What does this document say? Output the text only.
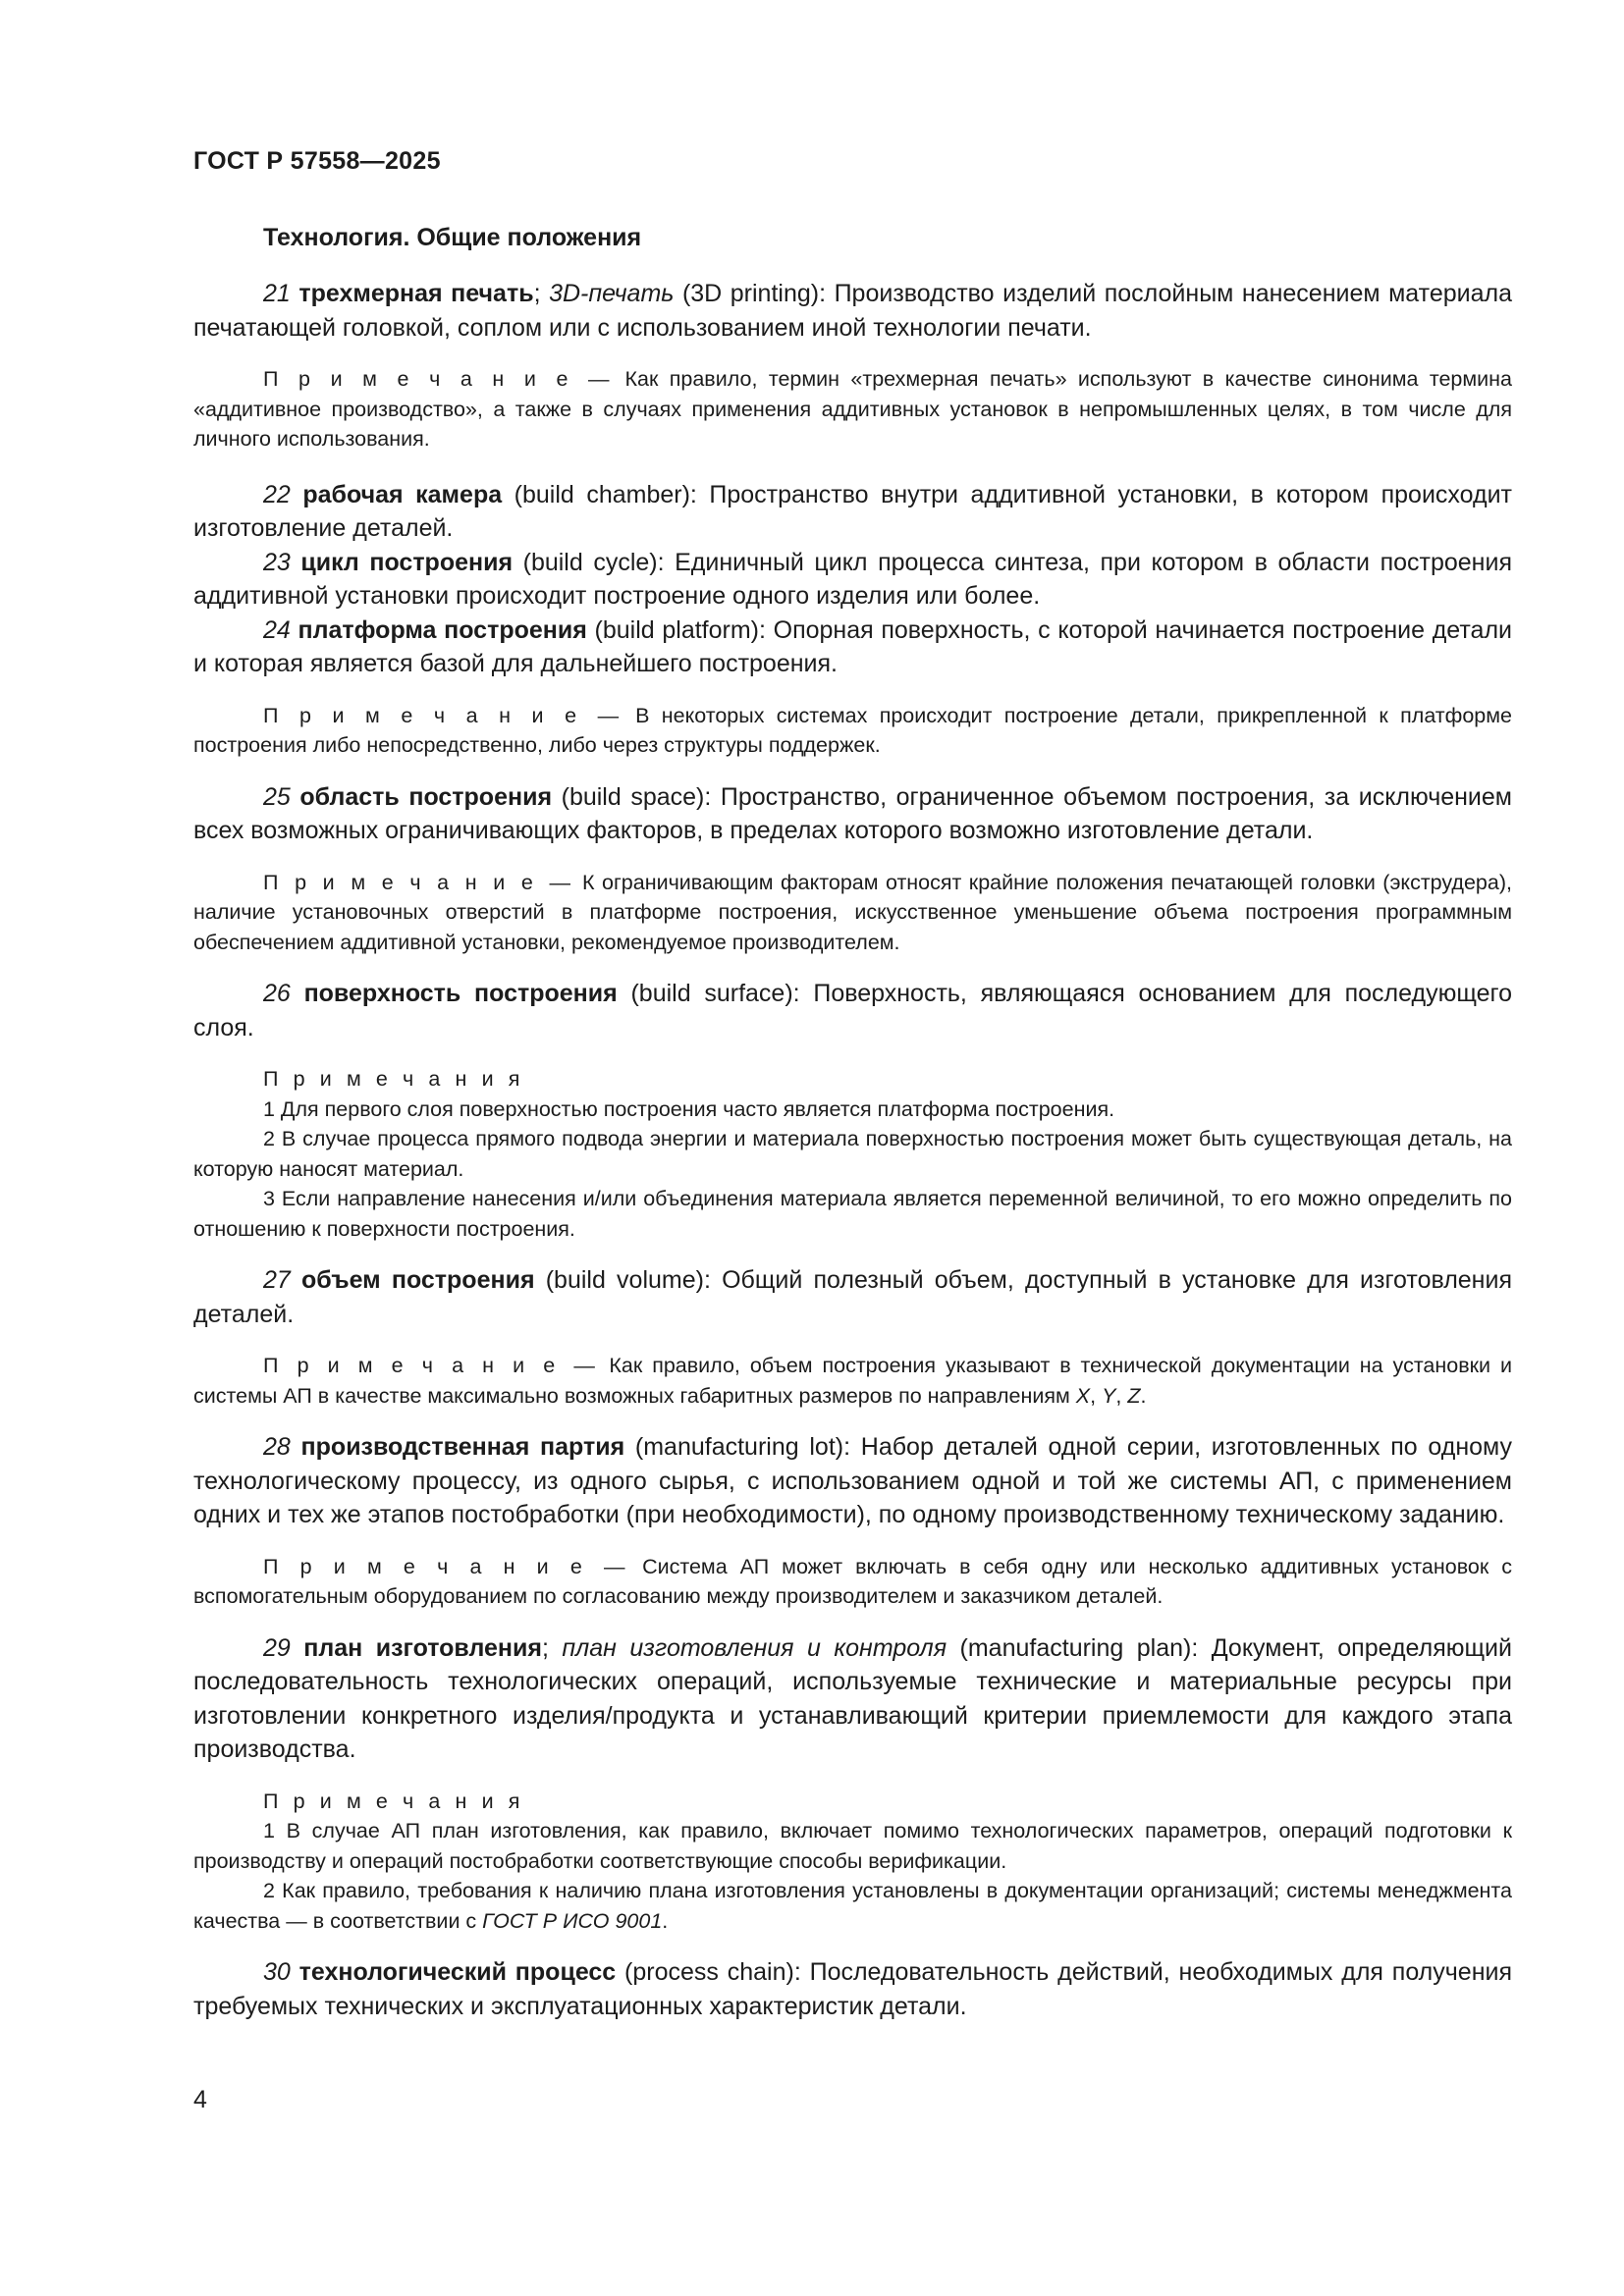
ГОСТ Р 57558—2025
Технология. Общие положения

21 трехмерная печать; 3D-печать (3D printing): Производство изделий послойным нанесением материала печатающей головкой, соплом или с использованием иной технологии печати.

П р и м е ч а н и е — Как правило, термин «трехмерная печать» используют в качестве синонима термина «аддитивное производство», а также в случаях применения аддитивных установок в непромышленных целях, в том числе для личного использования.

22 рабочая камера (build chamber): Пространство внутри аддитивной установки, в котором происходит изготовление деталей.

23 цикл построения (build cycle): Единичный цикл процесса синтеза, при котором в области построения аддитивной установки происходит построение одного изделия или более.

24 платформа построения (build platform): Опорная поверхность, с которой начинается построение детали и которая является базой для дальнейшего построения.

П р и м е ч а н и е — В некоторых системах происходит построение детали, прикрепленной к платформе построения либо непосредственно, либо через структуры поддержек.

25 область построения (build space): Пространство, ограниченное объемом построения, за исключением всех возможных ограничивающих факторов, в пределах которого возможно изготовление детали.

П р и м е ч а н и е — К ограничивающим факторам относят крайние положения печатающей головки (экструдера), наличие установочных отверстий в платформе построения, искусственное уменьшение объема построения программным обеспечением аддитивной установки, рекомендуемое производителем.

26 поверхность построения (build surface): Поверхность, являющаяся основанием для последующего слоя.

П р и м е ч а н и я

1 Для первого слоя поверхностью построения часто является платформа построения.

2 В случае процесса прямого подвода энергии и материала поверхностью построения может быть существующая деталь, на которую наносят материал.

3 Если направление нанесения и/или объединения материала является переменной величиной, то его можно определить по отношению к поверхности построения.

27 объем построения (build volume): Общий полезный объем, доступный в установке для изготовления деталей.

П р и м е ч а н и е — Как правило, объем построения указывают в технической документации на установки и системы АП в качестве максимально возможных габаритных размеров по направлениям X, Y, Z.

28 производственная партия (manufacturing lot): Набор деталей одной серии, изготовленных по одному технологическому процессу, из одного сырья, с использованием одной и той же системы АП, с применением одних и тех же этапов постобработки (при необходимости), по одному производственному техническому заданию.

П р и м е ч а н и е — Система АП может включать в себя одну или несколько аддитивных установок с вспомогательным оборудованием по согласованию между производителем и заказчиком деталей.

29 план изготовления; план изготовления и контроля (manufacturing plan): Документ, определяющий последовательность технологических операций, используемые технические и материальные ресурсы при изготовлении конкретного изделия/продукта и устанавливающий критерии приемлемости для каждого этапа производства.

П р и м е ч а н и я

1 В случае АП план изготовления, как правило, включает помимо технологических параметров, операций подготовки к производству и операций постобработки соответствующие способы верификации.

2 Как правило, требования к наличию плана изготовления установлены в документации организаций; системы менеджмента качества — в соответствии с ГОСТ Р ИСО 9001.

30 технологический процесс (process chain): Последовательность действий, необходимых для получения требуемых технических и эксплуатационных характеристик детали.

4
